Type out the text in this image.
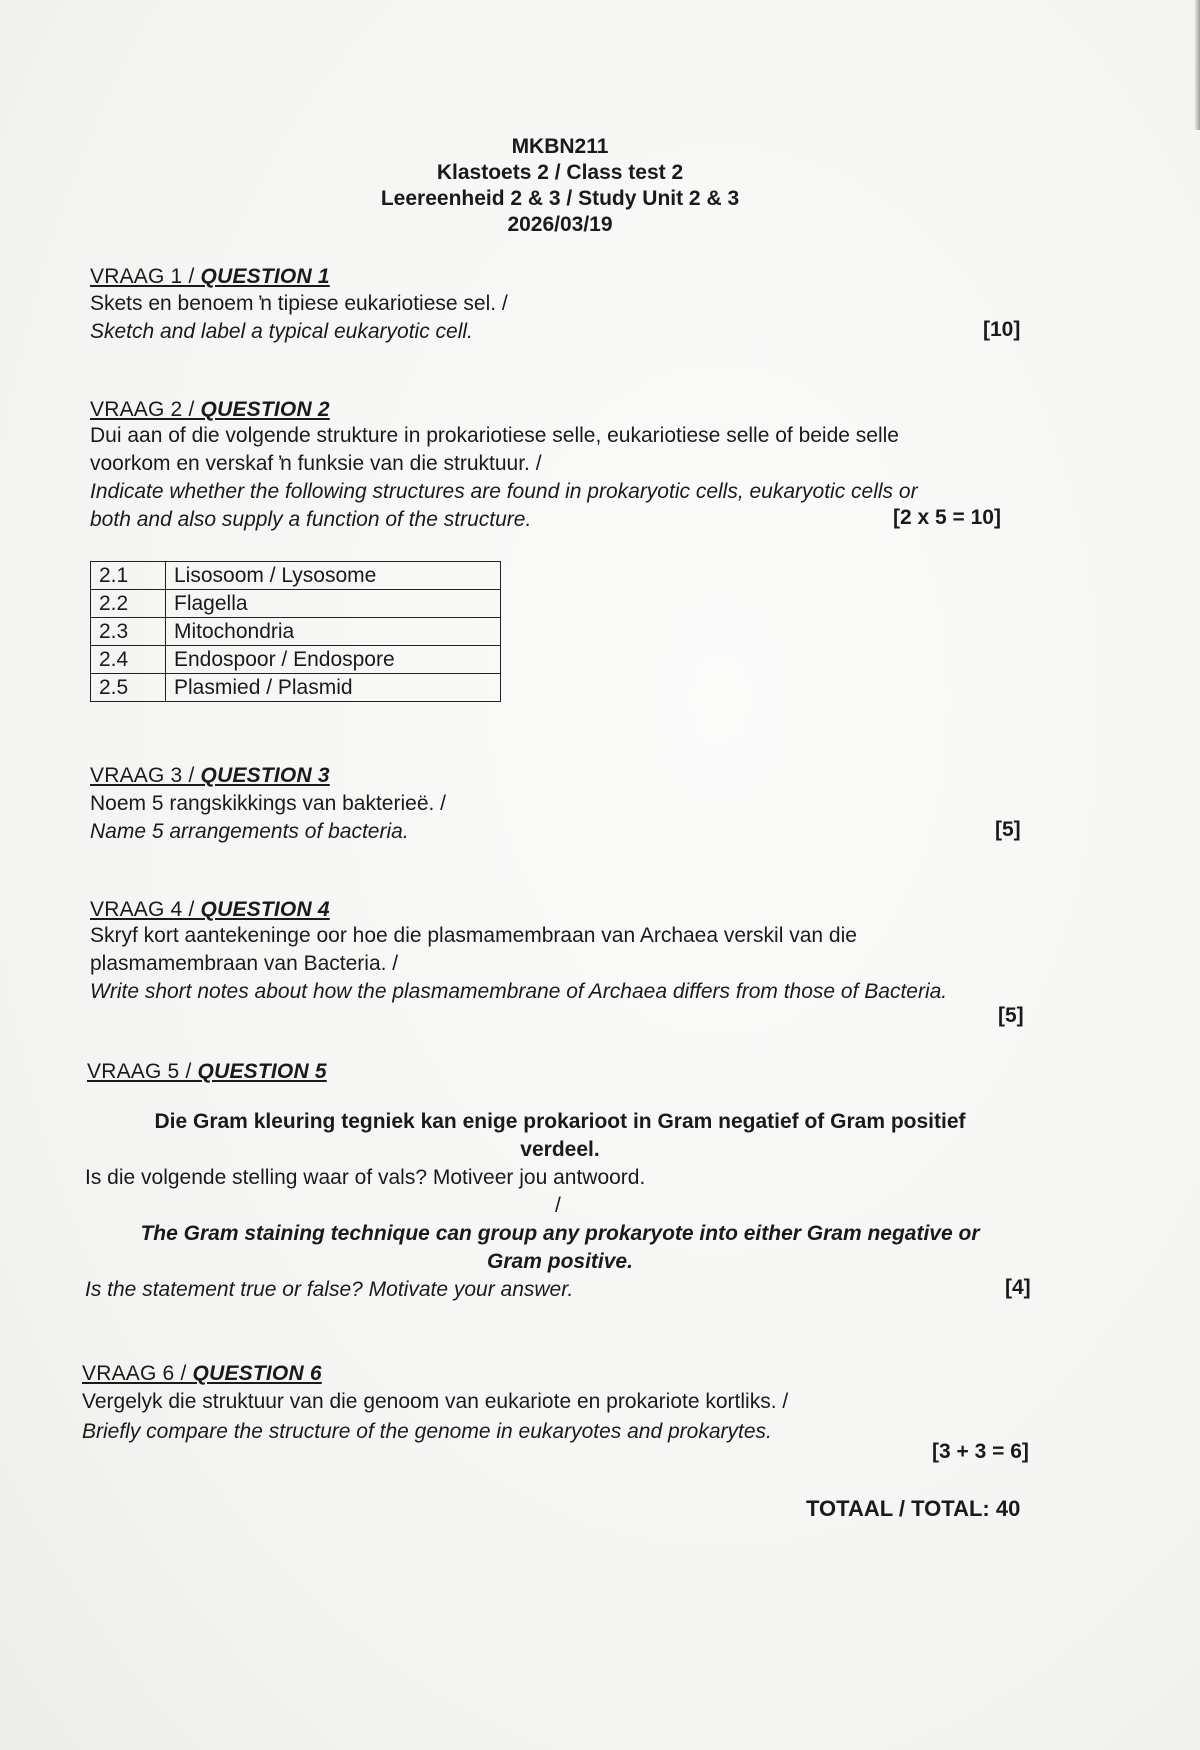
MKBN211
Klastoets 2 / Class test 2
Leereenheid 2 & 3 / Study Unit 2 & 3
2026/03/19
VRAAG 1 / QUESTION 1
Skets en benoem ŉ tipiese eukariotiese sel. /
Sketch and label a typical eukaryotic cell.	[10]
VRAAG 2 / QUESTION 2
Dui aan of die volgende strukture in prokariotiese selle, eukariotiese selle of beide selle
voorkom en verskaf ŉ funksie van die struktuur. /
Indicate whether the following structures are found in prokaryotic cells, eukaryotic cells or
both and also supply a function of the structure.	[2 x 5 = 10]
2.1	Lisosoom / Lysosome
2.2	Flagella
2.3	Mitochondria
2.4	Endospoor / Endospore
2.5	Plasmied / Plasmid
VRAAG 3 / QUESTION 3
Noem 5 rangskikkings van bakterieë. /
Name 5 arrangements of bacteria.	[5]
VRAAG 4 / QUESTION 4
Skryf kort aantekeninge oor hoe die plasmamembraan van Archaea verskil van die
plasmamembraan van Bacteria. /
Write short notes about how the plasmamembrane of Archaea differs from those of Bacteria.
[5]
VRAAG 5 / QUESTION 5
Die Gram kleuring tegniek kan enige prokarioot in Gram negatief of Gram positief
verdeel.
Is die volgende stelling waar of vals? Motiveer jou antwoord.
/
The Gram staining technique can group any prokaryote into either Gram negative or
Gram positive.
Is the statement true or false? Motivate your answer.	[4]
VRAAG 6 / QUESTION 6
Vergelyk die struktuur van die genoom van eukariote en prokariote kortliks. /
Briefly compare the structure of the genome in eukaryotes and prokarytes.
[3 + 3 = 6]
TOTAAL / TOTAL: 40
